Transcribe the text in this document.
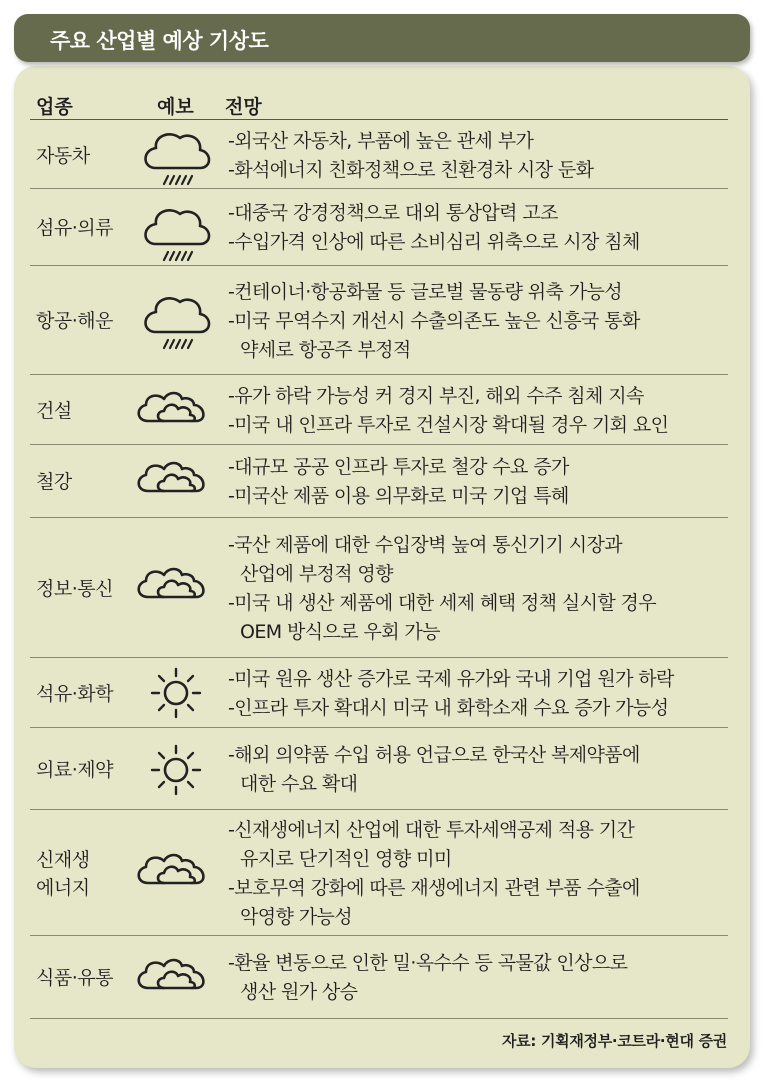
주요 산업별 예상 기상도
업종	예보 전망
자동차
-외국산 자동차, 부품에 높은 관세 부가
-화석에너지 친화정책으로 친환경차 시장 둔화
섬유·의류
-대중국 강경정책으로 대외 통상압력 고조
-수입가격 인상에 따른 소비심리 위축으로 시장 침체
항공·해운
-컨테이너·항공화물 등 글로벌 물동량 위축 가능성
-미국 무역수지 개선시 수출의존도 높은 신흥국 통화
약세로 항공주 부정적
건설
-유가 하락 가능성 커 경지 부진, 해외 수주 침체 지속
-미국 내 인프라 투자로 건설시장 확대될 경우 기회 요인
철강
-대규모 공공 인프라 투자로 철강 수요 증가
-미국산 제품 이용 의무화로 미국 기업 특혜
정보·통신
-국산 제품에 대한 수입장벽 높여 통신기기 시장과
산업에 부정적 영향
-미국 내 생산 제품에 대한 세제 혜택 정책 실시할 경우
OEM 방식으로 우회 가능
석유·화학
-미국 원유 생산 증가로 국제 유가와 국내 기업 원가 하락
-인프라 투자 확대시 미국 내 화학소재 수요 증가 가능성
의료·제약
-해외 의약품 수입 허용 언급으로 한국산 복제약품에
대한 수요 확대
신재생
에너지
-신재생에너지 산업에 대한 투자세액공제 적용 기간
유지로 단기적인 영향 미미
-보호무역 강화에 따른 재생에너지 관련 부품 수출에
악영향 가능성
식품·유통
-환율 변동으로 인한 밀·옥수수 등 곡물값 인상으로
생산 원가 상승
자료: 기획재정부·코트라·현대 증권
